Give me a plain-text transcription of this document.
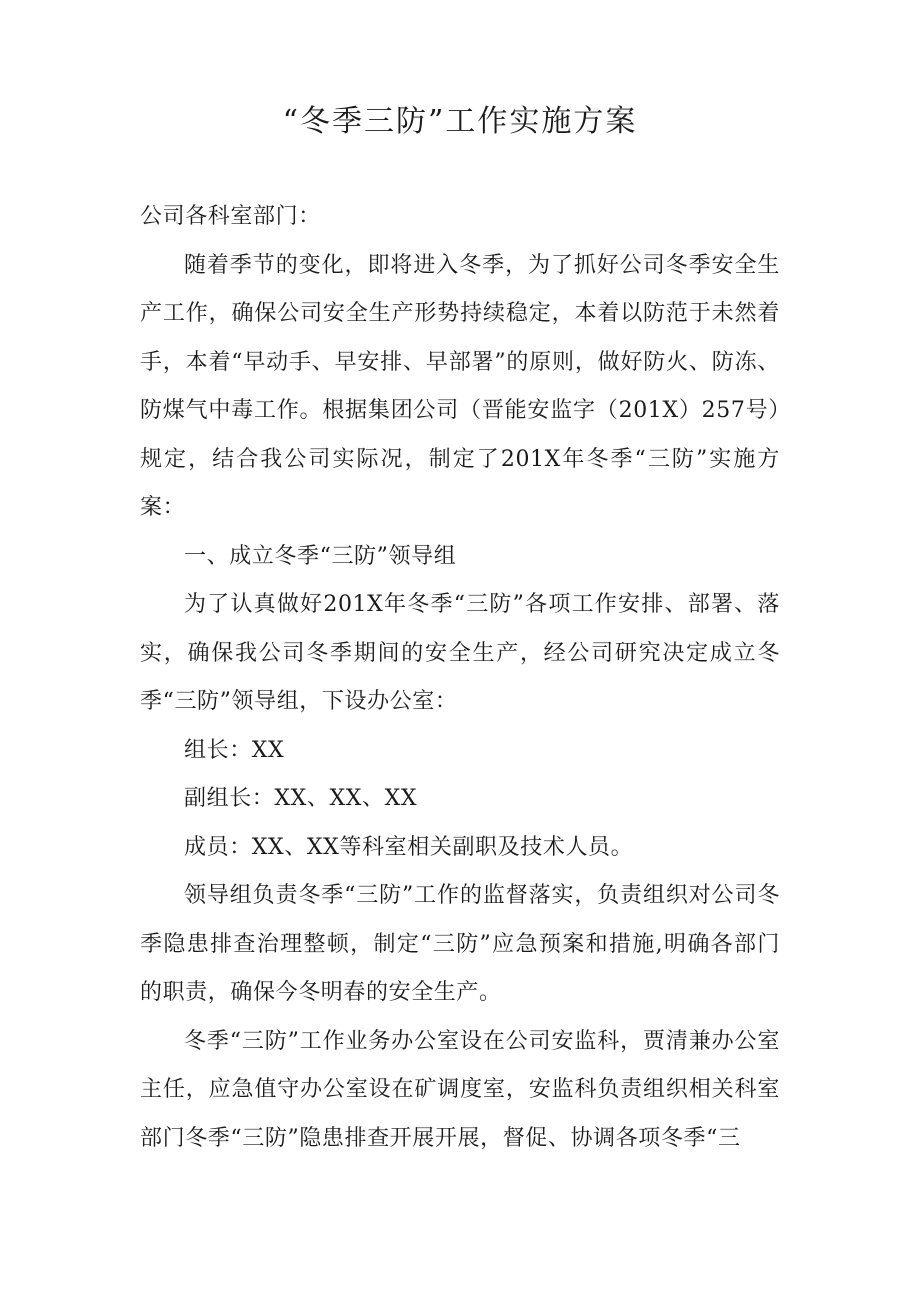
“冬季三防”工作实施方案

公司各科室部门：

随着季节的变化，即将进入冬季，为了抓好公司冬季安全生产工作，确保公司安全生产形势持续稳定，本着以防范于未然着手，本着“早动手、早安排、早部署”的原则，做好防火、防冻、防煤气中毒工作。根据集团公司（晋能安监字（201X）257号）规定，结合我公司实际况，制定了201X年冬季“三防”实施方案：

一、成立冬季“三防”领导组

为了认真做好201X年冬季“三防”各项工作安排、部署、落实，确保我公司冬季期间的安全生产，经公司研究决定成立冬季“三防”领导组，下设办公室：

组长：XX

副组长：XX、XX、XX

成员：XX、XX等科室相关副职及技术人员。

领导组负责冬季“三防”工作的监督落实，负责组织对公司冬季隐患排查治理整顿，制定“三防”应急预案和措施,明确各部门的职责，确保今冬明春的安全生产。

冬季“三防”工作业务办公室设在公司安监科，贾清兼办公室主任，应急值守办公室设在矿调度室，安监科负责组织相关科室部门冬季“三防”隐患排查开展开展，督促、协调各项冬季“三
